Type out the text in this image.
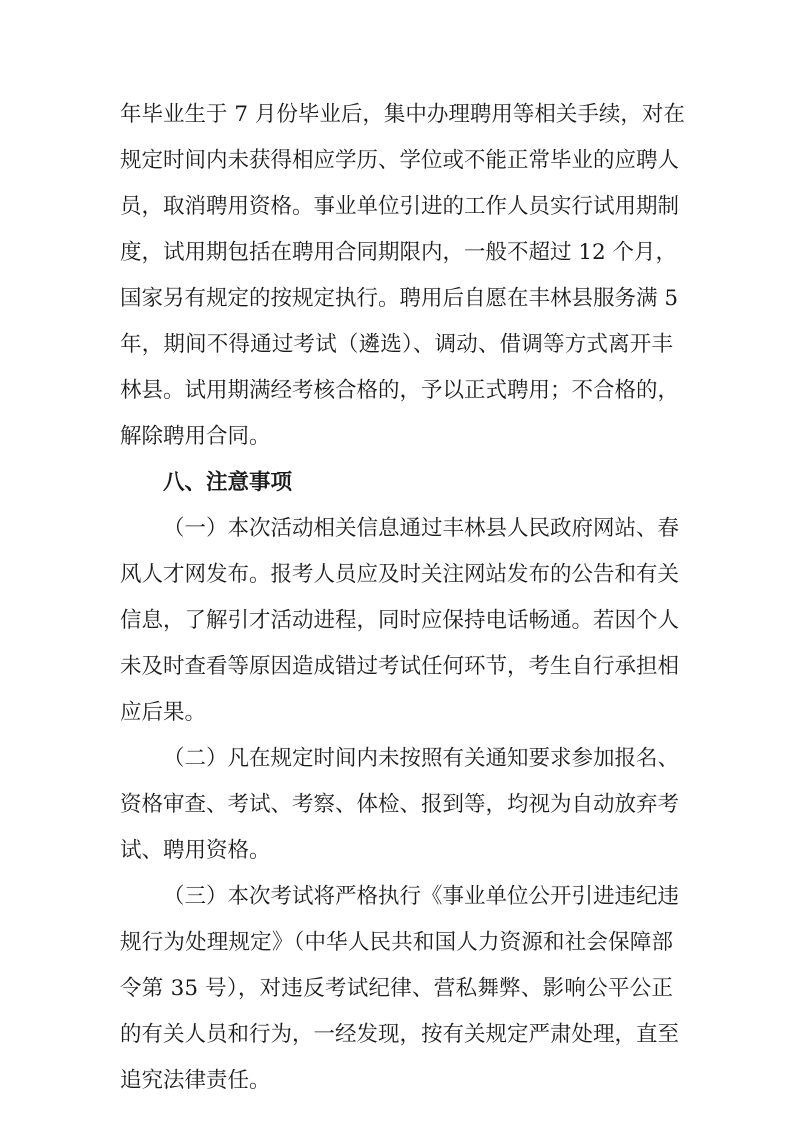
年毕业生于 7 月份毕业后，集中办理聘用等相关手续，对在
规定时间内未获得相应学历、学位或不能正常毕业的应聘人
员，取消聘用资格。事业单位引进的工作人员实行试用期制
度，试用期包括在聘用合同期限内，一般不超过 12 个月，
国家另有规定的按规定执行。聘用后自愿在丰林县服务满 5
年，期间不得通过考试（遴选）、调动、借调等方式离开丰
林县。试用期满经考核合格的，予以正式聘用；不合格的，
解除聘用合同。
八、注意事项
（一）本次活动相关信息通过丰林县人民政府网站、春
风人才网发布。报考人员应及时关注网站发布的公告和有关
信息，了解引才活动进程，同时应保持电话畅通。若因个人
未及时查看等原因造成错过考试任何环节，考生自行承担相
应后果。
（二）凡在规定时间内未按照有关通知要求参加报名、
资格审查、考试、考察、体检、报到等，均视为自动放弃考
试、聘用资格。
（三）本次考试将严格执行《事业单位公开引进违纪违
规行为处理规定》（中华人民共和国人力资源和社会保障部
令第 35 号），对违反考试纪律、营私舞弊、影响公平公正
的有关人员和行为，一经发现，按有关规定严肃处理，直至
追究法律责任。
